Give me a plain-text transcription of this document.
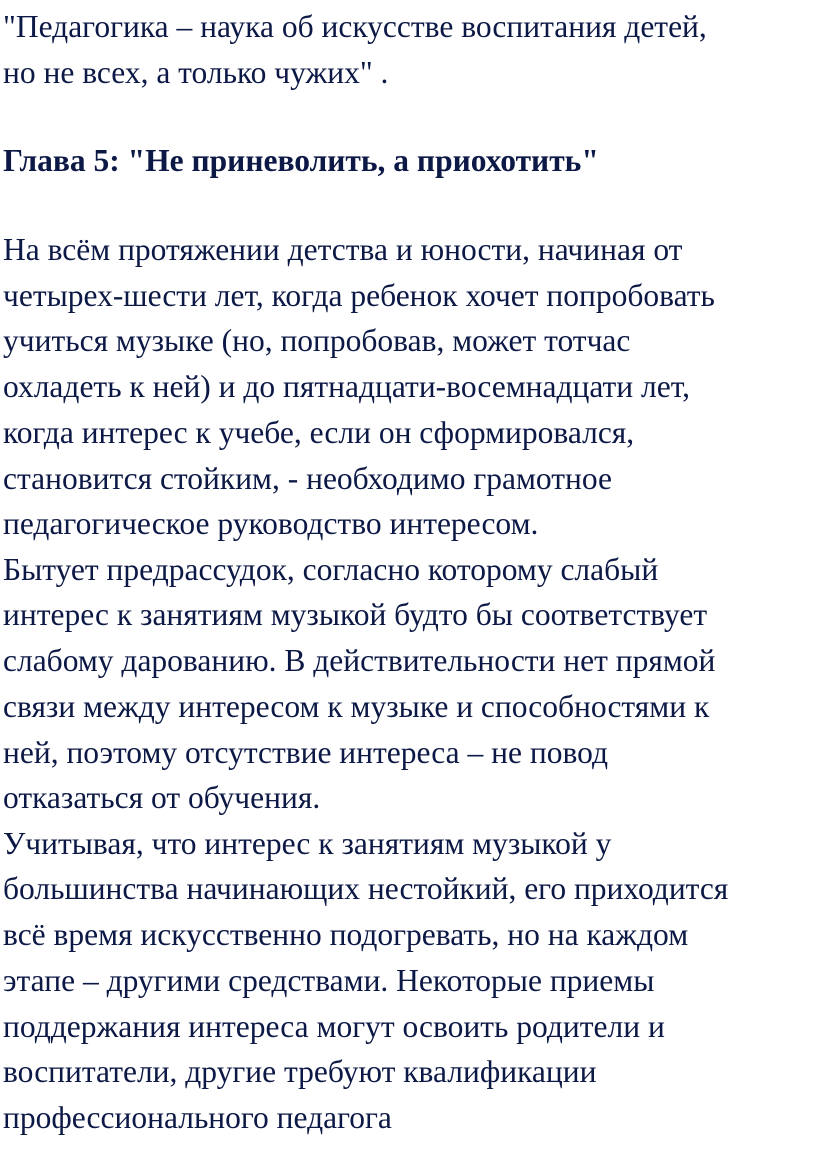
"Педагогика – наука об искусстве воспитания детей,
но не всех, а только чужих" .
Глава 5: "Не приневолить, а приохотить"
На всём протяжении детства и юности, начиная от
четырех-шести лет, когда ребенок хочет попробовать
учиться музыке (но, попробовав, может тотчас
охладеть к ней) и до пятнадцати-восемнадцати лет,
когда интерес к учебе, если он сформировался,
становится стойким, - необходимо грамотное
педагогическое руководство интересом.
Бытует предрассудок, согласно которому слабый
интерес к занятиям музыкой будто бы соответствует
слабому дарованию. В действительности нет прямой
связи между интересом к музыке и способностями к
ней, поэтому отсутствие интереса – не повод
отказаться от обучения.
Учитывая, что интерес к занятиям музыкой у
большинства начинающих нестойкий, его приходится
всё время искусственно подогревать, но на каждом
этапе – другими средствами. Некоторые приемы
поддержания интереса могут освоить родители и
воспитатели, другие требуют квалификации
профессионального педагога
